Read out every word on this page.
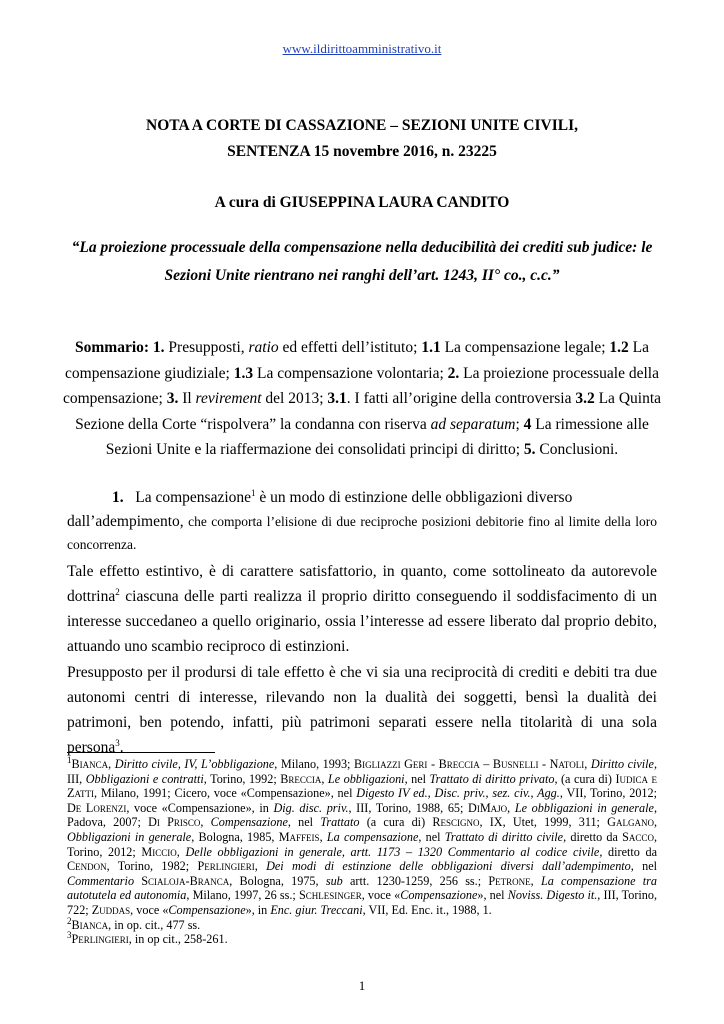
www.ildirittoamministrativo.it
NOTA A CORTE DI CASSAZIONE – SEZIONI UNITE CIVILI,
SENTENZA 15 novembre 2016, n. 23225
A cura di GIUSEPPINA LAURA CANDITO
“La proiezione processuale della compensazione nella deducibilità dei crediti sub judice: le
Sezioni Unite rientrano nei ranghi dell’art. 1243, II° co., c.c.”
Sommario: 1. Presupposti, ratio ed effetti dell’istituto; 1.1 La compensazione legale; 1.2 La compensazione giudiziale; 1.3 La compensazione volontaria; 2. La proiezione processuale della compensazione; 3. Il revirement del 2013; 3.1. I fatti all’origine della controversia 3.2 La Quinta Sezione della Corte “rispolvera” la condanna con riserva ad separatum; 4 La rimessione alle Sezioni Unite e la riaffermazione dei consolidati principi di diritto; 5. Conclusioni.

1. La compensazione$^1$ è un modo di estinzione delle obbligazioni diverso

dall’adempimento, che comporta l’elisione di due reciproche posizioni debitorie fino al limite della loro concorrenza.

Tale effetto estintivo, è di carattere satisfattorio, in quanto, come sottolineato da autorevole dottrina$^2$ ciascuna delle parti realizza il proprio diritto conseguendo il soddisfacimento di un interesse succedaneo a quello originario, ossia l’interesse ad essere liberato dal proprio debito, attuando uno scambio reciproco di estinzioni.
Presupposto per il prodursi di tale effetto è che vi sia una reciprocità di crediti e debiti tra due autonomi centri di interesse, rilevando non la dualità dei soggetti, bensì la dualità dei patrimoni, ben potendo, infatti, più patrimoni separati essere nella titolarità di una sola persona$^3$.

$^1$Bianca, Diritto civile, IV, L’obbligazione, Milano, 1993; Bigliazzi Geri - Breccia – Busnelli - Natoli, Diritto civile, III, Obbligazioni e contratti, Torino, 1992; Breccia, Le obbligazioni, nel Trattato di diritto privato, (a cura di) Iudica e Zatti, Milano, 1991; Cicero, voce «Compensazione», nel Digesto IV ed., Disc. priv., sez. civ., Agg., VII, Torino, 2012; De Lorenzi, voce «Compensazione», in Dig. disc. priv., III, Torino, 1988, 65; DiMajo, Le obbligazioni in generale, Padova, 2007; Di Prisco, Compensazione, nel Trattato (a cura di) Rescigno, IX, Utet, 1999, 311; Galgano, Obbligazioni in generale, Bologna, 1985, Maffeis, La compensazione, nel Trattato di diritto civile, diretto da Sacco, Torino, 2012; Miccio, Delle obbligazioni in generale, artt. 1173 – 1320 Commentario al codice civile, diretto da Cendon, Torino, 1982; Perlingieri, Dei modi di estinzione delle obbligazioni diversi dall’adempimento, nel Commentario Scialoja-Branca, Bologna, 1975, sub artt. 1230-1259, 256 ss.; Petrone, La compensazione tra autotutela ed autonomia, Milano, 1997, 26 ss.; Schlesinger, voce «Compensazione», nel Noviss. Digesto it., III, Torino, 722; Zuddas, voce «Compensazione», in Enc. giur. Treccani, VII, Ed. Enc. it., 1988, 1.

$^2$Bianca, in op. cit., 477 ss.

$^3$Perlingieri, in op cit., 258-261.

1
